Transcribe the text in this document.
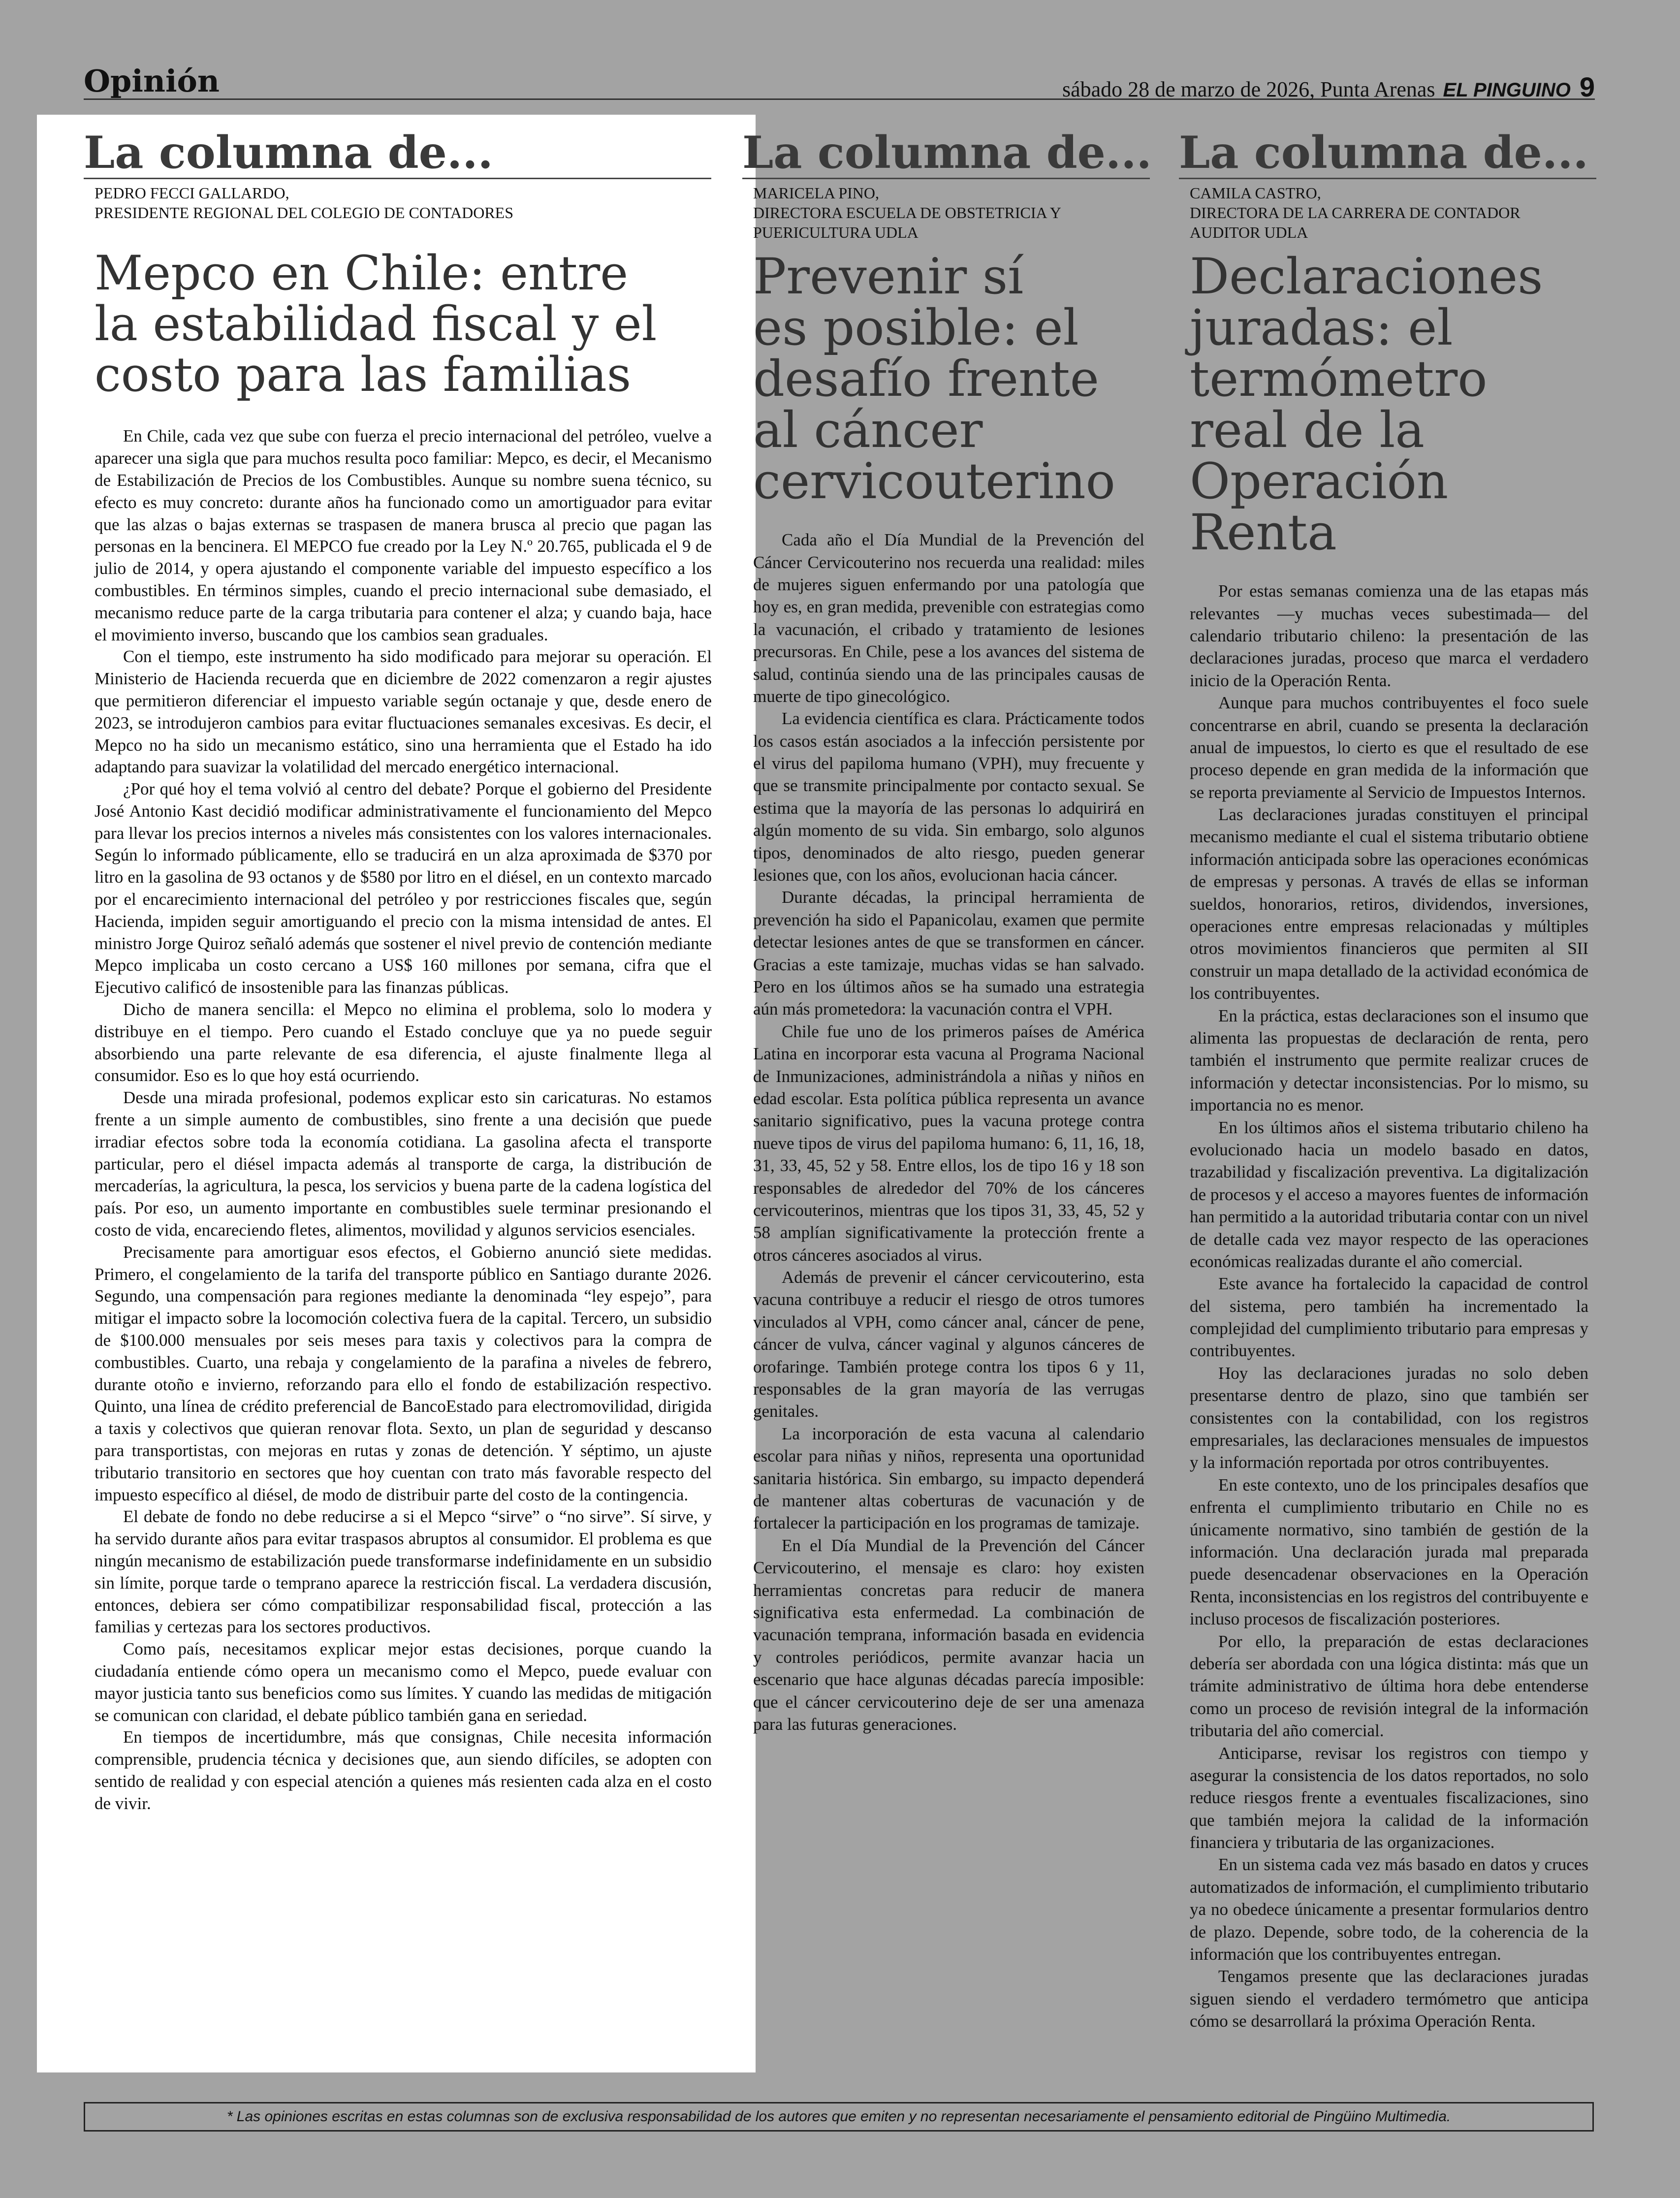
Opinión	sábado 28 de marzo de 2026, Punta Arenas EL PINGUINO 9
La columna de...
PEDRO FECCI GALLARDO,
PRESIDENTE REGIONAL DEL COLEGIO DE CONTADORES
Mepco en Chile: entre
la estabilidad fiscal y el
costo para las familias

En Chile, cada vez que sube con fuerza el precio internacional del petróleo, vuelve a aparecer una sigla que para muchos resulta poco familiar: Mepco, es decir, el Mecanismo de Estabilización de Precios de los Combustibles. Aunque su nombre suena técnico, su efecto es muy concreto: durante años ha funcionado como un amortiguador para evitar que las alzas o bajas externas se traspasen de manera brusca al precio que pagan las personas en la bencinera. El MEPCO fue creado por la Ley N.º 20.765, publicada el 9 de julio de 2014, y opera ajustando el componente variable del impuesto específico a los combustibles. En términos simples, cuando el precio internacional sube demasiado, el mecanismo reduce parte de la carga tributaria para contener el alza; y cuando baja, hace el movimiento inverso, buscando que los cambios sean graduales.

Con el tiempo, este instrumento ha sido modificado para mejorar su operación. El Ministerio de Hacienda recuerda que en diciembre de 2022 comenzaron a regir ajustes que permitieron diferenciar el impuesto variable según octanaje y que, desde enero de 2023, se introdujeron cambios para evitar fluctuaciones semanales excesivas. Es decir, el Mepco no ha sido un mecanismo estático, sino una herramienta que el Estado ha ido adaptando para suavizar la volatilidad del mercado energético internacional.

¿Por qué hoy el tema volvió al centro del debate? Porque el gobierno del Presidente José Antonio Kast decidió modificar administrativamente el funcionamiento del Mepco para llevar los precios internos a niveles más consistentes con los valores internacionales. Según lo informado públicamente, ello se traducirá en un alza aproximada de $370 por litro en la gasolina de 93 octanos y de $580 por litro en el diésel, en un contexto marcado por el encarecimiento internacional del petróleo y por restricciones fiscales que, según Hacienda, impiden seguir amortiguando el precio con la misma intensidad de antes. El ministro Jorge Quiroz señaló además que sostener el nivel previo de contención mediante Mepco implicaba un costo cercano a US$ 160 millones por semana, cifra que el Ejecutivo calificó de insostenible para las finanzas públicas.

Dicho de manera sencilla: el Mepco no elimina el problema, solo lo modera y distribuye en el tiempo. Pero cuando el Estado concluye que ya no puede seguir absorbiendo una parte relevante de esa diferencia, el ajuste finalmente llega al consumidor. Eso es lo que hoy está ocurriendo.

Desde una mirada profesional, podemos explicar esto sin caricaturas. No estamos frente a un simple aumento de combustibles, sino frente a una decisión que puede irradiar efectos sobre toda la economía cotidiana. La gasolina afecta el transporte particular, pero el diésel impacta además al transporte de carga, la distribución de mercaderías, la agricultura, la pesca, los servicios y buena parte de la cadena logística del país. Por eso, un aumento importante en combustibles suele terminar presionando el costo de vida, encareciendo fletes, alimentos, movilidad y algunos servicios esenciales.

Precisamente para amortiguar esos efectos, el Gobierno anunció siete medidas. Primero, el congelamiento de la tarifa del transporte público en Santiago durante 2026. Segundo, una compensación para regiones mediante la denominada “ley espejo”, para mitigar el impacto sobre la locomoción colectiva fuera de la capital. Tercero, un subsidio de $100.000 mensuales por seis meses para taxis y colectivos para la compra de combustibles. Cuarto, una rebaja y congelamiento de la parafina a niveles de febrero, durante otoño e invierno, reforzando para ello el fondo de estabilización respectivo. Quinto, una línea de crédito preferencial de BancoEstado para electromovilidad, dirigida a taxis y colectivos que quieran renovar flota. Sexto, un plan de seguridad y descanso para transportistas, con mejoras en rutas y zonas de detención. Y séptimo, un ajuste tributario transitorio en sectores que hoy cuentan con trato más favorable respecto del impuesto específico al diésel, de modo de distribuir parte del costo de la contingencia.

El debate de fondo no debe reducirse a si el Mepco “sirve” o “no sirve”. Sí sirve, y ha servido durante años para evitar traspasos abruptos al consumidor. El problema es que ningún mecanismo de estabilización puede transformarse indefinidamente en un subsidio sin límite, porque tarde o temprano aparece la restricción fiscal. La verdadera discusión, entonces, debiera ser cómo compatibilizar responsabilidad fiscal, protección a las familias y certezas para los sectores productivos.

Como país, necesitamos explicar mejor estas decisiones, porque cuando la ciudadanía entiende cómo opera un mecanismo como el Mepco, puede evaluar con mayor justicia tanto sus beneficios como sus límites. Y cuando las medidas de mitigación se comunican con claridad, el debate público también gana en seriedad.

En tiempos de incertidumbre, más que consignas, Chile necesita información comprensible, prudencia técnica y decisiones que, aun siendo difíciles, se adopten con sentido de realidad y con especial atención a quienes más resienten cada alza en el costo de vivir.

La columna de...
MARICELA PINO,
DIRECTORA ESCUELA DE OBSTETRICIA Y
PUERICULTURA UDLA
Prevenir sí
es posible: el
desafío frente
al cáncer
cervicouterino

Cada año el Día Mundial de la Prevención del Cáncer Cervicouterino nos recuerda una realidad: miles de mujeres siguen enfermando por una patología que hoy es, en gran medida, prevenible con estrategias como la vacunación, el cribado y tratamiento de lesiones precursoras. En Chile, pese a los avances del sistema de salud, continúa siendo una de las principales causas de muerte de tipo ginecológico.

La evidencia científica es clara. Prácticamente todos los casos están asociados a la infección persistente por el virus del papiloma humano (VPH), muy frecuente y que se transmite principalmente por contacto sexual. Se estima que la mayoría de las personas lo adquirirá en algún momento de su vida. Sin embargo, solo algunos tipos, denominados de alto riesgo, pueden generar lesiones que, con los años, evolucionan hacia cáncer.

Durante décadas, la principal herramienta de prevención ha sido el Papanicolau, examen que permite detectar lesiones antes de que se transformen en cáncer. Gracias a este tamizaje, muchas vidas se han salvado. Pero en los últimos años se ha sumado una estrategia aún más prometedora: la vacunación contra el VPH.

Chile fue uno de los primeros países de América Latina en incorporar esta vacuna al Programa Nacional de Inmunizaciones, administrándola a niñas y niños en edad escolar. Esta política pública representa un avance sanitario significativo, pues la vacuna protege contra nueve tipos de virus del papiloma humano: 6, 11, 16, 18, 31, 33, 45, 52 y 58. Entre ellos, los de tipo 16 y 18 son responsables de alrededor del 70% de los cánceres cervicouterinos, mientras que los tipos 31, 33, 45, 52 y 58 amplían significativamente la protección frente a otros cánceres asociados al virus.

Además de prevenir el cáncer cervicouterino, esta vacuna contribuye a reducir el riesgo de otros tumores vinculados al VPH, como cáncer anal, cáncer de pene, cáncer de vulva, cáncer vaginal y algunos cánceres de orofaringe. También protege contra los tipos 6 y 11, responsables de la gran mayoría de las verrugas genitales.

La incorporación de esta vacuna al calendario escolar para niñas y niños, representa una oportunidad sanitaria histórica. Sin embargo, su impacto dependerá de mantener altas coberturas de vacunación y de fortalecer la participación en los programas de tamizaje.

En el Día Mundial de la Prevención del Cáncer Cervicouterino, el mensaje es claro: hoy existen herramientas concretas para reducir de manera significativa esta enfermedad. La combinación de vacunación temprana, información basada en evidencia y controles periódicos, permite avanzar hacia un escenario que hace algunas décadas parecía imposible: que el cáncer cervicouterino deje de ser una amenaza para las futuras generaciones.

La columna de...
CAMILA CASTRO,
DIRECTORA DE LA CARRERA DE CONTADOR
AUDITOR UDLA
Declaraciones
juradas: el
termómetro
real de la
Operación Renta

Por estas semanas comienza una de las etapas más relevantes —y muchas veces subestimada— del calendario tributario chileno: la presentación de las declaraciones juradas, proceso que marca el verdadero inicio de la Operación Renta.

Aunque para muchos contribuyentes el foco suele concentrarse en abril, cuando se presenta la declaración anual de impuestos, lo cierto es que el resultado de ese proceso depende en gran medida de la información que se reporta previamente al Servicio de Impuestos Internos.

Las declaraciones juradas constituyen el principal mecanismo mediante el cual el sistema tributario obtiene información anticipada sobre las operaciones económicas de empresas y personas. A través de ellas se informan sueldos, honorarios, retiros, dividendos, inversiones, operaciones entre empresas relacionadas y múltiples otros movimientos financieros que permiten al SII construir un mapa detallado de la actividad económica de los contribuyentes.

En la práctica, estas declaraciones son el insumo que alimenta las propuestas de declaración de renta, pero también el instrumento que permite realizar cruces de información y detectar inconsistencias. Por lo mismo, su importancia no es menor.

En los últimos años el sistema tributario chileno ha evolucionado hacia un modelo basado en datos, trazabilidad y fiscalización preventiva. La digitalización de procesos y el acceso a mayores fuentes de información han permitido a la autoridad tributaria contar con un nivel de detalle cada vez mayor respecto de las operaciones económicas realizadas durante el año comercial.

Este avance ha fortalecido la capacidad de control del sistema, pero también ha incrementado la complejidad del cumplimiento tributario para empresas y contribuyentes.

Hoy las declaraciones juradas no solo deben presentarse dentro de plazo, sino que también ser consistentes con la contabilidad, con los registros empresariales, las declaraciones mensuales de impuestos y la información reportada por otros contribuyentes.

En este contexto, uno de los principales desafíos que enfrenta el cumplimiento tributario en Chile no es únicamente normativo, sino también de gestión de la información. Una declaración jurada mal preparada puede desencadenar observaciones en la Operación Renta, inconsistencias en los registros del contribuyente e incluso procesos de fiscalización posteriores.

Por ello, la preparación de estas declaraciones debería ser abordada con una lógica distinta: más que un trámite administrativo de última hora debe entenderse como un proceso de revisión integral de la información tributaria del año comercial.

Anticiparse, revisar los registros con tiempo y asegurar la consistencia de los datos reportados, no solo reduce riesgos frente a eventuales fiscalizaciones, sino que también mejora la calidad de la información financiera y tributaria de las organizaciones.

En un sistema cada vez más basado en datos y cruces automatizados de información, el cumplimiento tributario ya no obedece únicamente a presentar formularios dentro de plazo. Depende, sobre todo, de la coherencia de la información que los contribuyentes entregan.

Tengamos presente que las declaraciones juradas siguen siendo el verdadero termómetro que anticipa cómo se desarrollará la próxima Operación Renta.

* Las opiniones escritas en estas columnas son de exclusiva responsabilidad de los autores que emiten y no representan necesariamente el pensamiento editorial de Pingüino Multimedia.
